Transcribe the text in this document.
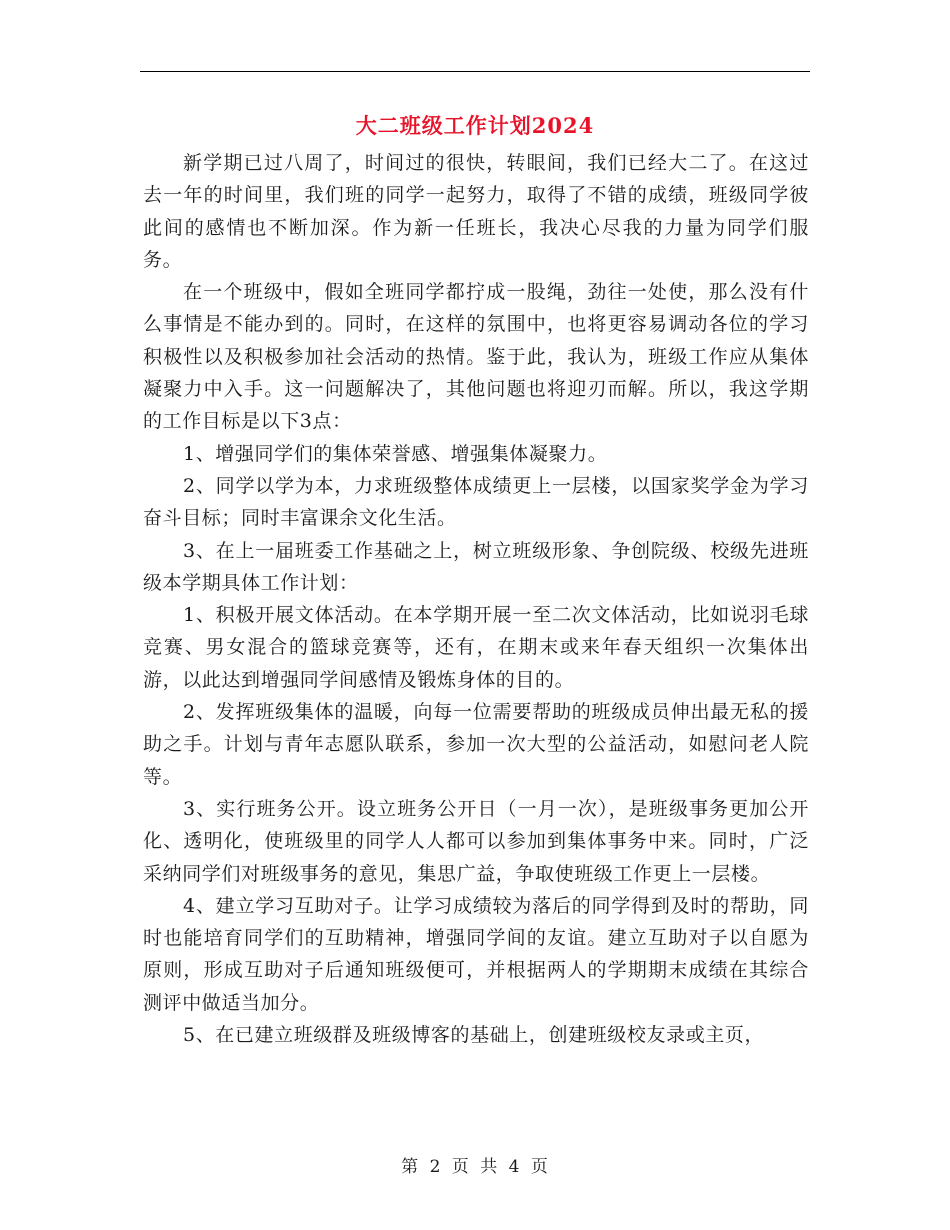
大二班级工作计划2024

新学期已过八周了，时间过的很快，转眼间，我们已经大二了。在这过去一年的时间里，我们班的同学一起努力，取得了不错的成绩，班级同学彼此间的感情也不断加深。作为新一任班长，我决心尽我的力量为同学们服务。

在一个班级中，假如全班同学都拧成一股绳，劲往一处使，那么没有什么事情是不能办到的。同时，在这样的氛围中，也将更容易调动各位的学习积极性以及积极参加社会活动的热情。鉴于此，我认为，班级工作应从集体凝聚力中入手。这一问题解决了，其他问题也将迎刃而解。所以，我这学期的工作目标是以下3点：

1、增强同学们的集体荣誉感、增强集体凝聚力。

2、同学以学为本，力求班级整体成绩更上一层楼，以国家奖学金为学习奋斗目标；同时丰富课余文化生活。

3、在上一届班委工作基础之上，树立班级形象、争创院级、校级先进班级本学期具体工作计划：

1、积极开展文体活动。在本学期开展一至二次文体活动，比如说羽毛球竞赛、男女混合的篮球竞赛等，还有，在期末或来年春天组织一次集体出游，以此达到增强同学间感情及锻炼身体的目的。

2、发挥班级集体的温暖，向每一位需要帮助的班级成员伸出最无私的援助之手。计划与青年志愿队联系，参加一次大型的公益活动，如慰问老人院等。

3、实行班务公开。设立班务公开日（一月一次），是班级事务更加公开化、透明化，使班级里的同学人人都可以参加到集体事务中来。同时，广泛采纳同学们对班级事务的意见，集思广益，争取使班级工作更上一层楼。

4、建立学习互助对子。让学习成绩较为落后的同学得到及时的帮助，同时也能培育同学们的互助精神，增强同学间的友谊。建立互助对子以自愿为原则，形成互助对子后通知班级便可，并根据两人的学期期末成绩在其综合测评中做适当加分。

5、在已建立班级群及班级博客的基础上，创建班级校友录或主页，

第 2 页 共 4 页
